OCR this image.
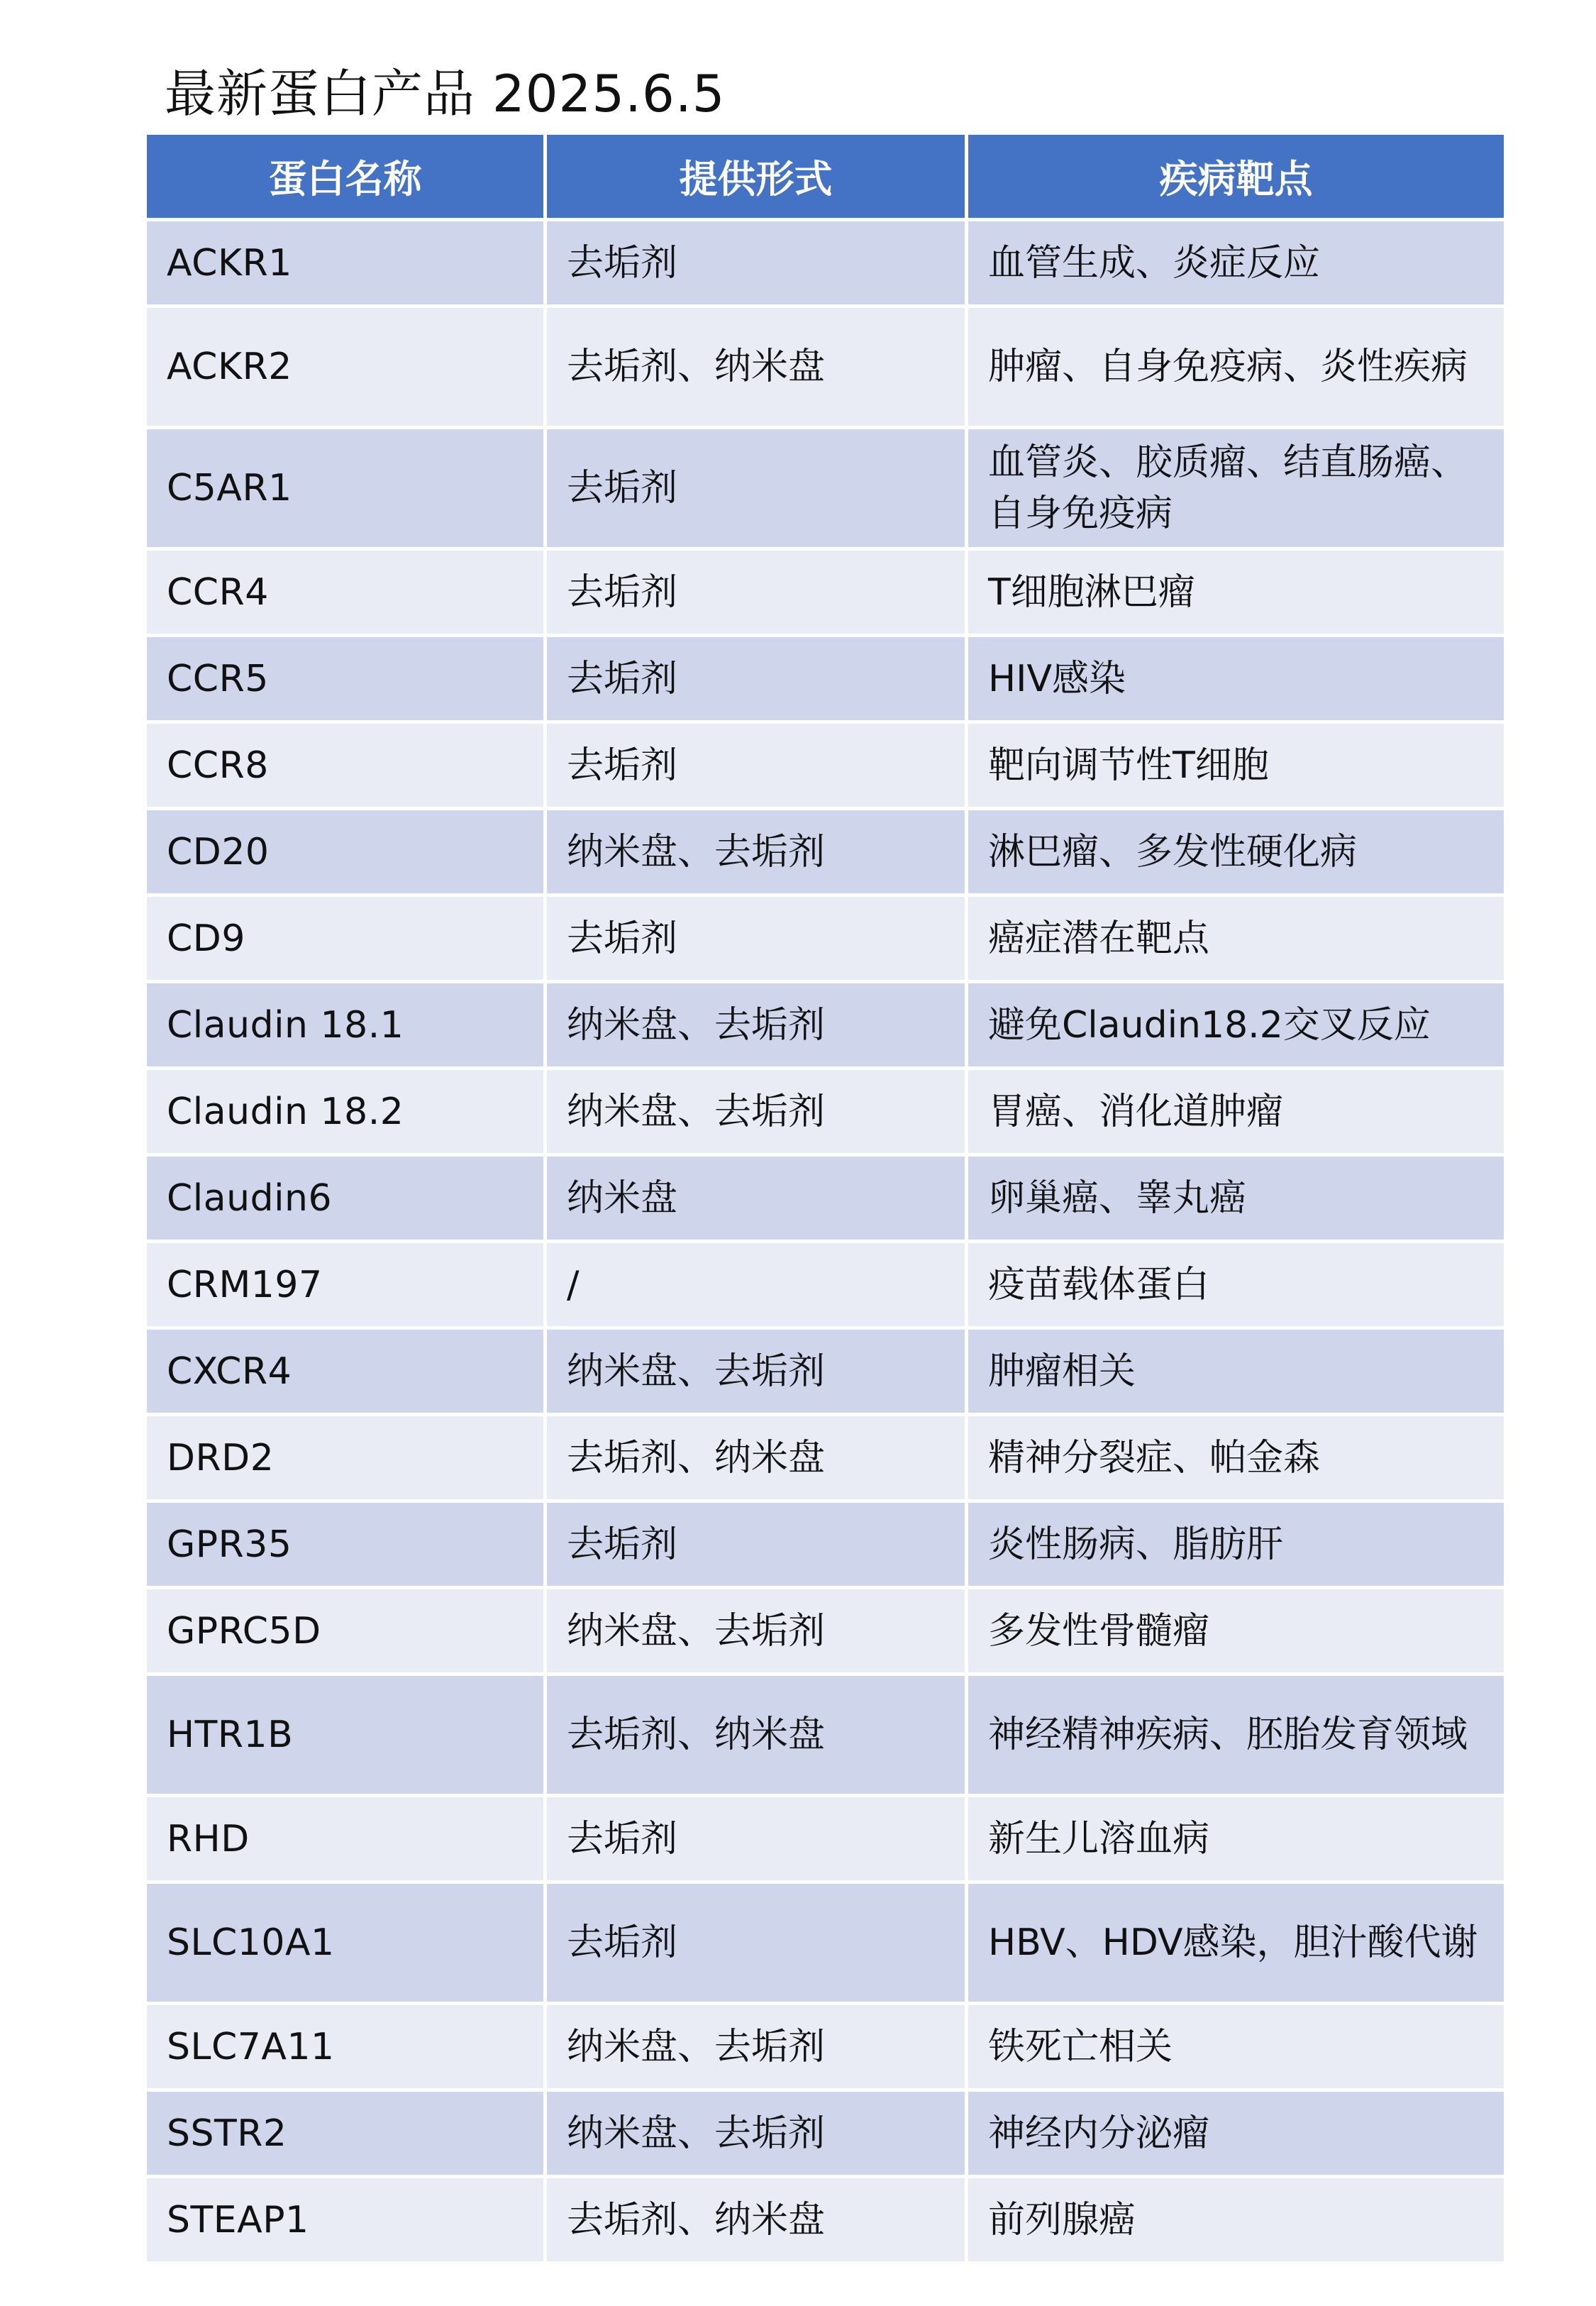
最新蛋白产品 2025.6.5
蛋白名称	提供形式	疾病靶点
ACKR1	去垢剂	血管生成、炎症反应
ACKR2	去垢剂、纳米盘	肿瘤、自身免疫病、炎性疾病
C5AR1	去垢剂	血管炎、胶质瘤、结直肠癌、自身免疫病
CCR4	去垢剂	T细胞淋巴瘤
CCR5	去垢剂	HIV感染
CCR8	去垢剂	靶向调节性T细胞
CD20	纳米盘、去垢剂	淋巴瘤、多发性硬化病
CD9	去垢剂	癌症潜在靶点
Claudin 18.1	纳米盘、去垢剂	避免Claudin18.2交叉反应
Claudin 18.2	纳米盘、去垢剂	胃癌、消化道肿瘤
Claudin6	纳米盘	卵巢癌、睾丸癌
CRM197	/	疫苗载体蛋白
CXCR4	纳米盘、去垢剂	肿瘤相关
DRD2	去垢剂、纳米盘	精神分裂症、帕金森
GPR35	去垢剂	炎性肠病、脂肪肝
GPRC5D	纳米盘、去垢剂	多发性骨髓瘤
HTR1B	去垢剂、纳米盘	神经精神疾病、胚胎发育领域
RHD	去垢剂	新生儿溶血病
SLC10A1	去垢剂	HBV、HDV感染，胆汁酸代谢
SLC7A11	纳米盘、去垢剂	铁死亡相关
SSTR2	纳米盘、去垢剂	神经内分泌瘤
STEAP1	去垢剂、纳米盘	前列腺癌
